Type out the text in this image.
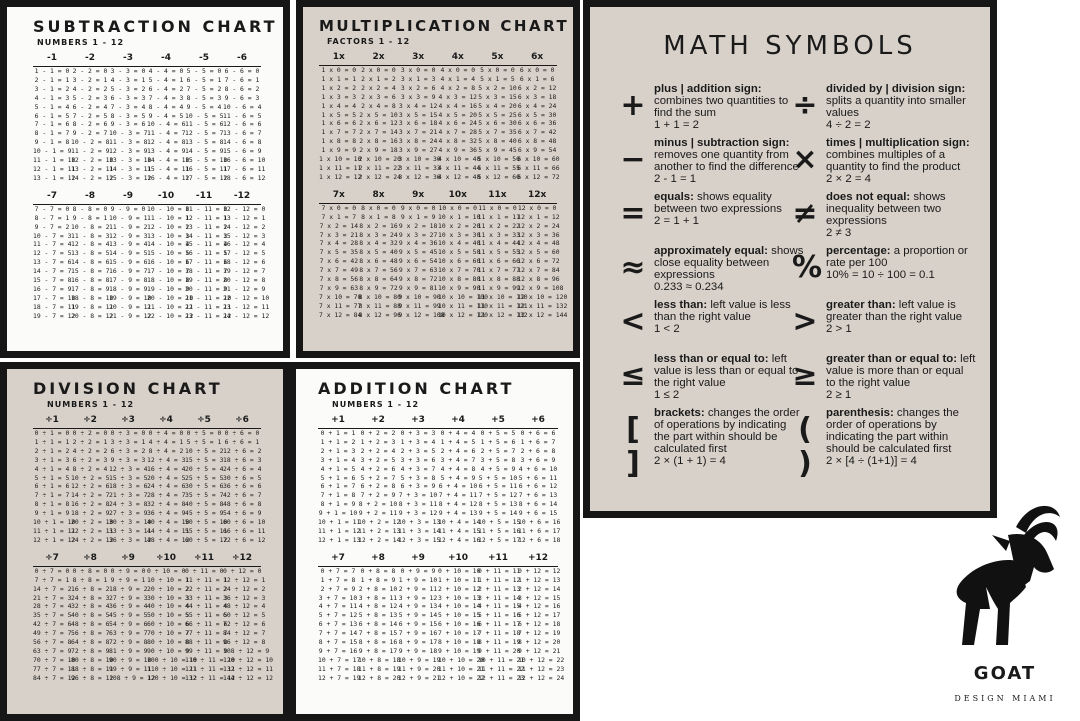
SUBTRACTION CHART
NUMBERS 1 - 12
-1	-2	-3	-4	-5	-6
1 - 1 = 0	2 - 2 = 0	3 - 3 = 0	4 - 4 = 0	5 - 5 = 0	6 - 6 = 0
2 - 1 = 1	3 - 2 = 1	4 - 3 = 1	5 - 4 = 1	6 - 5 = 1	7 - 6 = 1
3 - 1 = 2	4 - 2 = 2	5 - 3 = 2	6 - 4 = 2	7 - 5 = 2	8 - 6 = 2
4 - 1 = 3	5 - 2 = 3	6 - 3 = 3	7 - 4 = 3	8 - 5 = 3	9 - 6 = 3
5 - 1 = 4	6 - 2 = 4	7 - 3 = 4	8 - 4 = 4	9 - 5 = 4	10 - 6 = 4
6 - 1 = 5	7 - 2 = 5	8 - 3 = 5	9 - 4 = 5	10 - 5 = 5	11 - 6 = 5
7 - 1 = 6	8 - 2 = 6	9 - 3 = 6	10 - 4 = 6	11 - 5 = 6	12 - 6 = 6
8 - 1 = 7	9 - 2 = 7	10 - 3 = 7	11 - 4 = 7	12 - 5 = 7	13 - 6 = 7
9 - 1 = 8	10 - 2 = 8	11 - 3 = 8	12 - 4 = 8	13 - 5 = 8	14 - 6 = 8
10 - 1 = 9	11 - 2 = 9	12 - 3 = 9	13 - 4 = 9	14 - 5 = 9	15 - 6 = 9
11 - 1 = 10	12 - 2 = 10	13 - 3 = 10	14 - 4 = 10	15 - 5 = 10	16 - 6 = 10
12 - 1 = 11	13 - 2 = 11	14 - 3 = 11	15 - 4 = 11	16 - 5 = 11	17 - 6 = 11
13 - 1 = 12	14 - 2 = 12	15 - 3 = 12	16 - 4 = 12	17 - 5 = 12	18 - 6 = 12

-7	-8	-9	-10	-11	-12
7 - 7 = 0	8 - 8 = 0	9 - 9 = 0	10 - 10 = 0	11 - 11 = 0	12 - 12 = 0
8 - 7 = 1	9 - 8 = 1	10 - 9 = 1	11 - 10 = 1	12 - 11 = 1	13 - 12 = 1
9 - 7 = 2	10 - 8 = 2	11 - 9 = 2	12 - 10 = 2	13 - 11 = 2	14 - 12 = 2
10 - 7 = 3	11 - 8 = 3	12 - 9 = 3	13 - 10 = 3	14 - 11 = 3	15 - 12 = 3
11 - 7 = 4	12 - 8 = 4	13 - 9 = 4	14 - 10 = 4	15 - 11 = 4	16 - 12 = 4
12 - 7 = 5	13 - 8 = 5	14 - 9 = 5	15 - 10 = 5	16 - 11 = 5	17 - 12 = 5
13 - 7 = 6	14 - 8 = 6	15 - 9 = 6	16 - 10 = 6	17 - 11 = 6	18 - 12 = 6
14 - 7 = 7	15 - 8 = 7	16 - 9 = 7	17 - 10 = 7	18 - 11 = 7	19 - 12 = 7
15 - 7 = 8	16 - 8 = 8	17 - 9 = 8	18 - 10 = 8	19 - 11 = 8	20 - 12 = 8
16 - 7 = 9	17 - 8 = 9	18 - 9 = 9	19 - 10 = 9	20 - 11 = 9	21 - 12 = 9
17 - 7 = 10	18 - 8 = 10	19 - 9 = 10	20 - 10 = 10	21 - 11 = 10	22 - 12 = 10
18 - 7 = 11	19 - 8 = 11	20 - 9 = 11	21 - 10 = 11	22 - 11 = 11	23 - 12 = 11
19 - 7 = 12	20 - 8 = 12	21 - 9 = 12	22 - 10 = 12	23 - 11 = 12	24 - 12 = 12
MULTIPLICATION CHART
FACTORS 1 - 12
1x	2x	3x	4x	5x	6x
1 x 0 = 0	2 x 0 = 0	3 x 0 = 0	4 x 0 = 0	5 x 0 = 0	6 x 0 = 0
1 x 1 = 1	2 x 1 = 2	3 x 1 = 3	4 x 1 = 4	5 x 1 = 5	6 x 1 = 6
1 x 2 = 2	2 x 2 = 4	3 x 2 = 6	4 x 2 = 8	5 x 2 = 10	6 x 2 = 12
1 x 3 = 3	2 x 3 = 6	3 x 3 = 9	4 x 3 = 12	5 x 3 = 15	6 x 3 = 18
1 x 4 = 4	2 x 4 = 8	3 x 4 = 12	4 x 4 = 16	5 x 4 = 20	6 x 4 = 24
1 x 5 = 5	2 x 5 = 10	3 x 5 = 15	4 x 5 = 20	5 x 5 = 25	6 x 5 = 30
1 x 6 = 6	2 x 6 = 12	3 x 6 = 18	4 x 6 = 24	5 x 6 = 30	6 x 6 = 36
1 x 7 = 7	2 x 7 = 14	3 x 7 = 21	4 x 7 = 28	5 x 7 = 35	6 x 7 = 42
1 x 8 = 8	2 x 8 = 16	3 x 8 = 24	4 x 8 = 32	5 x 8 = 40	6 x 8 = 48
1 x 9 = 9	2 x 9 = 18	3 x 9 = 27	4 x 9 = 36	5 x 9 = 45	6 x 9 = 54
1 x 10 = 10	2 x 10 = 20	3 x 10 = 30	4 x 10 = 40	5 x 10 = 50	6 x 10 = 60
1 x 11 = 11	2 x 11 = 22	3 x 11 = 33	4 x 11 = 44	5 x 11 = 55	6 x 11 = 66
1 x 12 = 12	2 x 12 = 24	3 x 12 = 36	4 x 12 = 48	5 x 12 = 60	6 x 12 = 72

7x	8x	9x	10x	11x	12x
7 x 0 = 0	8 x 0 = 0	9 x 0 = 0	10 x 0 = 0	11 x 0 = 0	12 x 0 = 0
7 x 1 = 7	8 x 1 = 8	9 x 1 = 9	10 x 1 = 10	11 x 1 = 11	12 x 1 = 12
7 x 2 = 14	8 x 2 = 16	9 x 2 = 18	10 x 2 = 20	11 x 2 = 22	12 x 2 = 24
7 x 3 = 21	8 x 3 = 24	9 x 3 = 27	10 x 3 = 30	11 x 3 = 33	12 x 3 = 36
7 x 4 = 28	8 x 4 = 32	9 x 4 = 36	10 x 4 = 40	11 x 4 = 44	12 x 4 = 48
7 x 5 = 35	8 x 5 = 40	9 x 5 = 45	10 x 5 = 50	11 x 5 = 55	12 x 5 = 60
7 x 6 = 42	8 x 6 = 48	9 x 6 = 54	10 x 6 = 60	11 x 6 = 66	12 x 6 = 72
7 x 7 = 49	8 x 7 = 56	9 x 7 = 63	10 x 7 = 70	11 x 7 = 77	12 x 7 = 84
7 x 8 = 56	8 x 8 = 64	9 x 8 = 72	10 x 8 = 80	11 x 8 = 88	12 x 8 = 96
7 x 9 = 63	8 x 9 = 72	9 x 9 = 81	10 x 9 = 90	11 x 9 = 99	12 x 9 = 108
7 x 10 = 70	8 x 10 = 80	9 x 10 = 90	10 x 10 = 100	11 x 10 = 110	12 x 10 = 120
7 x 11 = 77	8 x 11 = 88	9 x 11 = 99	10 x 11 = 110	11 x 11 = 121	12 x 11 = 132
7 x 12 = 84	8 x 12 = 96	9 x 12 = 108	10 x 12 = 120	11 x 12 = 132	12 x 12 = 144
DIVISION CHART
NUMBERS 1 - 12
÷1	÷2	÷3	÷4	÷5	÷6
0 ÷ 1 = 0	0 ÷ 2 = 0	0 ÷ 3 = 0	0 ÷ 4 = 0	0 ÷ 5 = 0	0 ÷ 6 = 0
1 ÷ 1 = 1	2 ÷ 2 = 1	3 ÷ 3 = 1	4 ÷ 4 = 1	5 ÷ 5 = 1	6 ÷ 6 = 1
2 ÷ 1 = 2	4 ÷ 2 = 2	6 ÷ 3 = 2	8 ÷ 4 = 2	10 ÷ 5 = 2	12 ÷ 6 = 2
3 ÷ 1 = 3	6 ÷ 2 = 3	9 ÷ 3 = 3	12 ÷ 4 = 3	15 ÷ 5 = 3	18 ÷ 6 = 3
4 ÷ 1 = 4	8 ÷ 2 = 4	12 ÷ 3 = 4	16 ÷ 4 = 4	20 ÷ 5 = 4	24 ÷ 6 = 4
5 ÷ 1 = 5	10 ÷ 2 = 5	15 ÷ 3 = 5	20 ÷ 4 = 5	25 ÷ 5 = 5	30 ÷ 6 = 5
6 ÷ 1 = 6	12 ÷ 2 = 6	18 ÷ 3 = 6	24 ÷ 4 = 6	30 ÷ 5 = 6	36 ÷ 6 = 6
7 ÷ 1 = 7	14 ÷ 2 = 7	21 ÷ 3 = 7	28 ÷ 4 = 7	35 ÷ 5 = 7	42 ÷ 6 = 7
8 ÷ 1 = 8	16 ÷ 2 = 8	24 ÷ 3 = 8	32 ÷ 4 = 8	40 ÷ 5 = 8	48 ÷ 6 = 8
9 ÷ 1 = 9	18 ÷ 2 = 9	27 ÷ 3 = 9	36 ÷ 4 = 9	45 ÷ 5 = 9	54 ÷ 6 = 9
10 ÷ 1 = 10	20 ÷ 2 = 10	30 ÷ 3 = 10	40 ÷ 4 = 10	50 ÷ 5 = 10	60 ÷ 6 = 10
11 ÷ 1 = 11	22 ÷ 2 = 11	33 ÷ 3 = 11	44 ÷ 4 = 11	55 ÷ 5 = 11	66 ÷ 6 = 11
12 ÷ 1 = 12	24 ÷ 2 = 12	36 ÷ 3 = 12	48 ÷ 4 = 12	60 ÷ 5 = 12	72 ÷ 6 = 12

÷7	÷8	÷9	÷10	÷11	÷12
0 ÷ 7 = 0	0 ÷ 8 = 0	0 ÷ 9 = 0	0 ÷ 10 = 0	0 ÷ 11 = 0	0 ÷ 12 = 0
7 ÷ 7 = 1	8 ÷ 8 = 1	9 ÷ 9 = 1	10 ÷ 10 = 1	11 ÷ 11 = 1	12 ÷ 12 = 1
14 ÷ 7 = 2	16 ÷ 8 = 2	18 ÷ 9 = 2	20 ÷ 10 = 2	22 ÷ 11 = 2	24 ÷ 12 = 2
21 ÷ 7 = 3	24 ÷ 8 = 3	27 ÷ 9 = 3	30 ÷ 10 = 3	33 ÷ 11 = 3	36 ÷ 12 = 3
28 ÷ 7 = 4	32 ÷ 8 = 4	36 ÷ 9 = 4	40 ÷ 10 = 4	44 ÷ 11 = 4	48 ÷ 12 = 4
35 ÷ 7 = 5	40 ÷ 8 = 5	45 ÷ 9 = 5	50 ÷ 10 = 5	55 ÷ 11 = 5	60 ÷ 12 = 5
42 ÷ 7 = 6	48 ÷ 8 = 6	54 ÷ 9 = 6	60 ÷ 10 = 6	66 ÷ 11 = 6	72 ÷ 12 = 6
49 ÷ 7 = 7	56 ÷ 8 = 7	63 ÷ 9 = 7	70 ÷ 10 = 7	77 ÷ 11 = 7	84 ÷ 12 = 7
56 ÷ 7 = 8	64 ÷ 8 = 8	72 ÷ 9 = 8	80 ÷ 10 = 8	88 ÷ 11 = 8	96 ÷ 12 = 8
63 ÷ 7 = 9	72 ÷ 8 = 9	81 ÷ 9 = 9	90 ÷ 10 = 9	99 ÷ 11 = 9	108 ÷ 12 = 9
70 ÷ 7 = 10	80 ÷ 8 = 10	90 ÷ 9 = 10	100 ÷ 10 = 10	110 ÷ 11 = 10	120 ÷ 12 = 10
77 ÷ 7 = 11	88 ÷ 8 = 11	99 ÷ 9 = 11	110 ÷ 10 = 11	121 ÷ 11 = 11	132 ÷ 12 = 11
84 ÷ 7 = 12	96 ÷ 8 = 12	108 ÷ 9 = 12	120 ÷ 10 = 12	132 ÷ 11 = 12	144 ÷ 12 = 12
ADDITION CHART
NUMBERS 1 - 12
+1	+2	+3	+4	+5	+6
0 + 1 = 1	0 + 2 = 2	0 + 3 = 3	0 + 4 = 4	0 + 5 = 5	0 + 6 = 6
1 + 1 = 2	1 + 2 = 3	1 + 3 = 4	1 + 4 = 5	1 + 5 = 6	1 + 6 = 7
2 + 1 = 3	2 + 2 = 4	2 + 3 = 5	2 + 4 = 6	2 + 5 = 7	2 + 6 = 8
3 + 1 = 4	3 + 2 = 5	3 + 3 = 6	3 + 4 = 7	3 + 5 = 8	3 + 6 = 9
4 + 1 = 5	4 + 2 = 6	4 + 3 = 7	4 + 4 = 8	4 + 5 = 9	4 + 6 = 10
5 + 1 = 6	5 + 2 = 7	5 + 3 = 8	5 + 4 = 9	5 + 5 = 10	5 + 6 = 11
6 + 1 = 7	6 + 2 = 8	6 + 3 = 9	6 + 4 = 10	6 + 5 = 11	6 + 6 = 12
7 + 1 = 8	7 + 2 = 9	7 + 3 = 10	7 + 4 = 11	7 + 5 = 12	7 + 6 = 13
8 + 1 = 9	8 + 2 = 10	8 + 3 = 11	8 + 4 = 12	8 + 5 = 13	8 + 6 = 14
9 + 1 = 10	9 + 2 = 11	9 + 3 = 12	9 + 4 = 13	9 + 5 = 14	9 + 6 = 15
10 + 1 = 11	10 + 2 = 12	10 + 3 = 13	10 + 4 = 14	10 + 5 = 15	10 + 6 = 16
11 + 1 = 12	11 + 2 = 13	11 + 3 = 14	11 + 4 = 15	11 + 5 = 16	11 + 6 = 17
12 + 1 = 13	12 + 2 = 14	12 + 3 = 15	12 + 4 = 16	12 + 5 = 17	12 + 6 = 18

+7	+8	+9	+10	+11	+12
0 + 7 = 7	0 + 8 = 8	0 + 9 = 9	0 + 10 = 10	0 + 11 = 11	0 + 12 = 12
1 + 7 = 8	1 + 8 = 9	1 + 9 = 10	1 + 10 = 11	1 + 11 = 12	1 + 12 = 13
2 + 7 = 9	2 + 8 = 10	2 + 9 = 11	2 + 10 = 12	2 + 11 = 13	2 + 12 = 14
3 + 7 = 10	3 + 8 = 11	3 + 9 = 12	3 + 10 = 13	3 + 11 = 14	3 + 12 = 15
4 + 7 = 11	4 + 8 = 12	4 + 9 = 13	4 + 10 = 14	4 + 11 = 15	4 + 12 = 16
5 + 7 = 12	5 + 8 = 13	5 + 9 = 14	5 + 10 = 15	5 + 11 = 16	5 + 12 = 17
6 + 7 = 13	6 + 8 = 14	6 + 9 = 15	6 + 10 = 16	6 + 11 = 17	6 + 12 = 18
7 + 7 = 14	7 + 8 = 15	7 + 9 = 16	7 + 10 = 17	7 + 11 = 18	7 + 12 = 19
8 + 7 = 15	8 + 8 = 16	8 + 9 = 17	8 + 10 = 18	8 + 11 = 19	8 + 12 = 20
9 + 7 = 16	9 + 8 = 17	9 + 9 = 18	9 + 10 = 19	9 + 11 = 20	9 + 12 = 21
10 + 7 = 17	10 + 8 = 18	10 + 9 = 19	10 + 10 = 20	10 + 11 = 21	10 + 12 = 22
11 + 7 = 18	11 + 8 = 19	11 + 9 = 20	11 + 10 = 21	11 + 11 = 22	11 + 12 = 23
12 + 7 = 19	12 + 8 = 20	12 + 9 = 21	12 + 10 = 22	12 + 11 = 23	12 + 12 = 24
MATH SYMBOLS
+ plus | addition sign: combines two quantities to find the sum
1 + 1 = 2
− minus | subtraction sign: removes one quantity from another to find the difference
2 - 1 = 1
= equals: shows equality between two expressions
2 = 1 + 1
≈ approximately equal: shows close equality between expressions
0.233 ≈ 0.234
< less than: left value is less than the right value
1 < 2
≤ less than or equal to: left value is less than or equal to the right value
1 ≤ 2
[ ]
brackets: changes the order of operations by indicating the part within should be calculated first
2 × (1 + 1) = 4
÷ divided by | division sign: splits a quantity into smaller values
4 ÷ 2 = 2
× times | multiplication sign: combines multiples of a quantity to find the product
2 × 2 = 4
≠ does not equal: shows inequality between two expressions
2 ≠ 3
% percentage: a proportion or rate per 100
10% = 10 ÷ 100 = 0.1
> greater than: left value is greater than the right value
2 > 1
≥ greater than or equal to: left value is more than or equal to the right value
2 ≥ 1
( )
parenthesis: changes the order of operations by indicating the part within should be calculated first
2 × [4 ÷ (1+1)] = 4
GOAT
DESIGN MIAMI
